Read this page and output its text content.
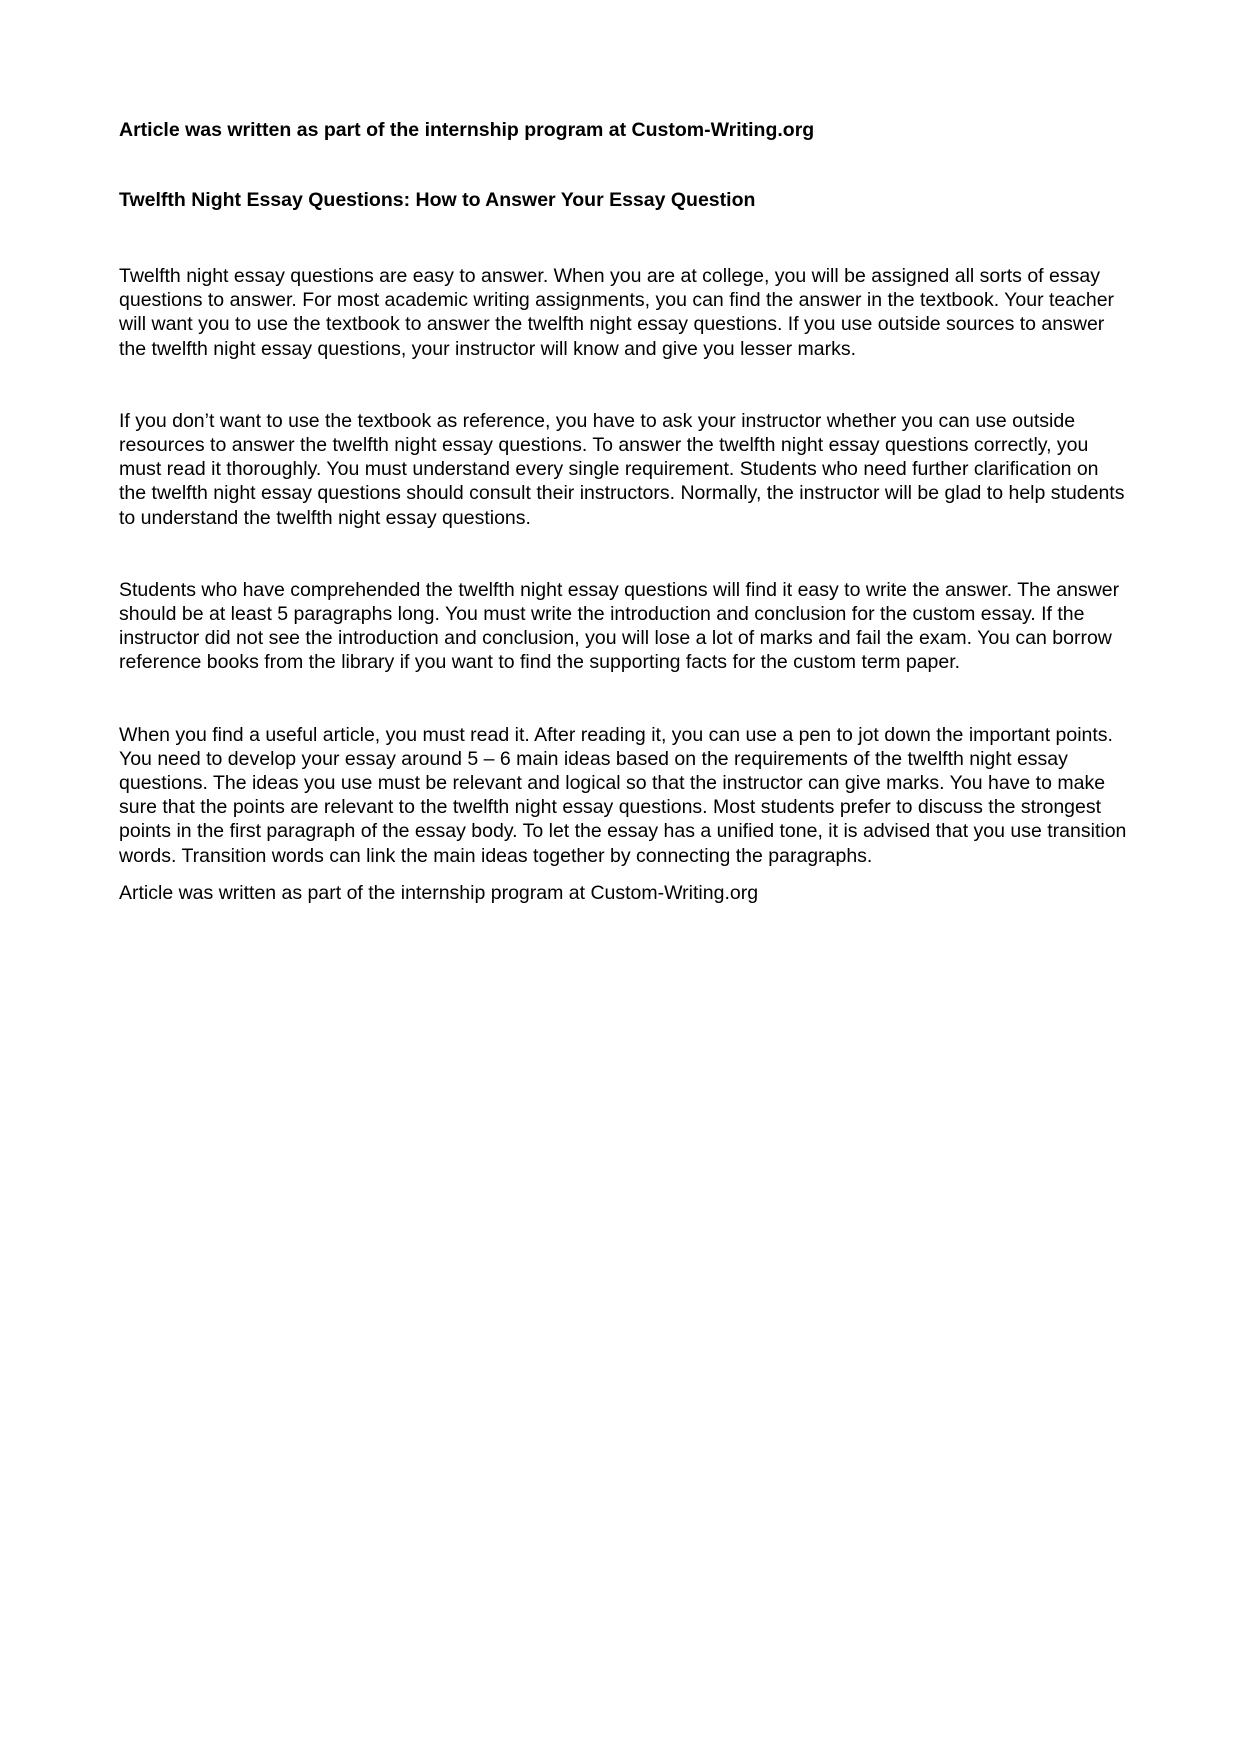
Article was written as part of the internship program at Custom-Writing.org

Twelfth Night Essay Questions: How to Answer Your Essay Question

Twelfth night essay questions are easy to answer. When you are at college, you will be assigned all sorts of essay questions to answer. For most academic writing assignments, you can find the answer in the textbook. Your teacher will want you to use the textbook to answer the twelfth night essay questions. If you use outside sources to answer the twelfth night essay questions, your instructor will know and give you lesser marks.

If you don’t want to use the textbook as reference, you have to ask your instructor whether you can use outside resources to answer the twelfth night essay questions. To answer the twelfth night essay questions correctly, you must read it thoroughly. You must understand every single requirement. Students who need further clarification on the twelfth night essay questions should consult their instructors. Normally, the instructor will be glad to help students to understand the twelfth night essay questions.

Students who have comprehended the twelfth night essay questions will find it easy to write the answer. The answer should be at least 5 paragraphs long. You must write the introduction and conclusion for the custom essay. If the instructor did not see the introduction and conclusion, you will lose a lot of marks and fail the exam. You can borrow reference books from the library if you want to find the supporting facts for the custom term paper.

When you find a useful article, you must read it. After reading it, you can use a pen to jot down the important points. You need to develop your essay around 5 – 6 main ideas based on the requirements of the twelfth night essay questions. The ideas you use must be relevant and logical so that the instructor can give marks. You have to make sure that the points are relevant to the twelfth night essay questions. Most students prefer to discuss the strongest points in the first paragraph of the essay body. To let the essay has a unified tone, it is advised that you use transition words. Transition words can link the main ideas together by connecting the paragraphs.

Article was written as part of the internship program at Custom-Writing.org
